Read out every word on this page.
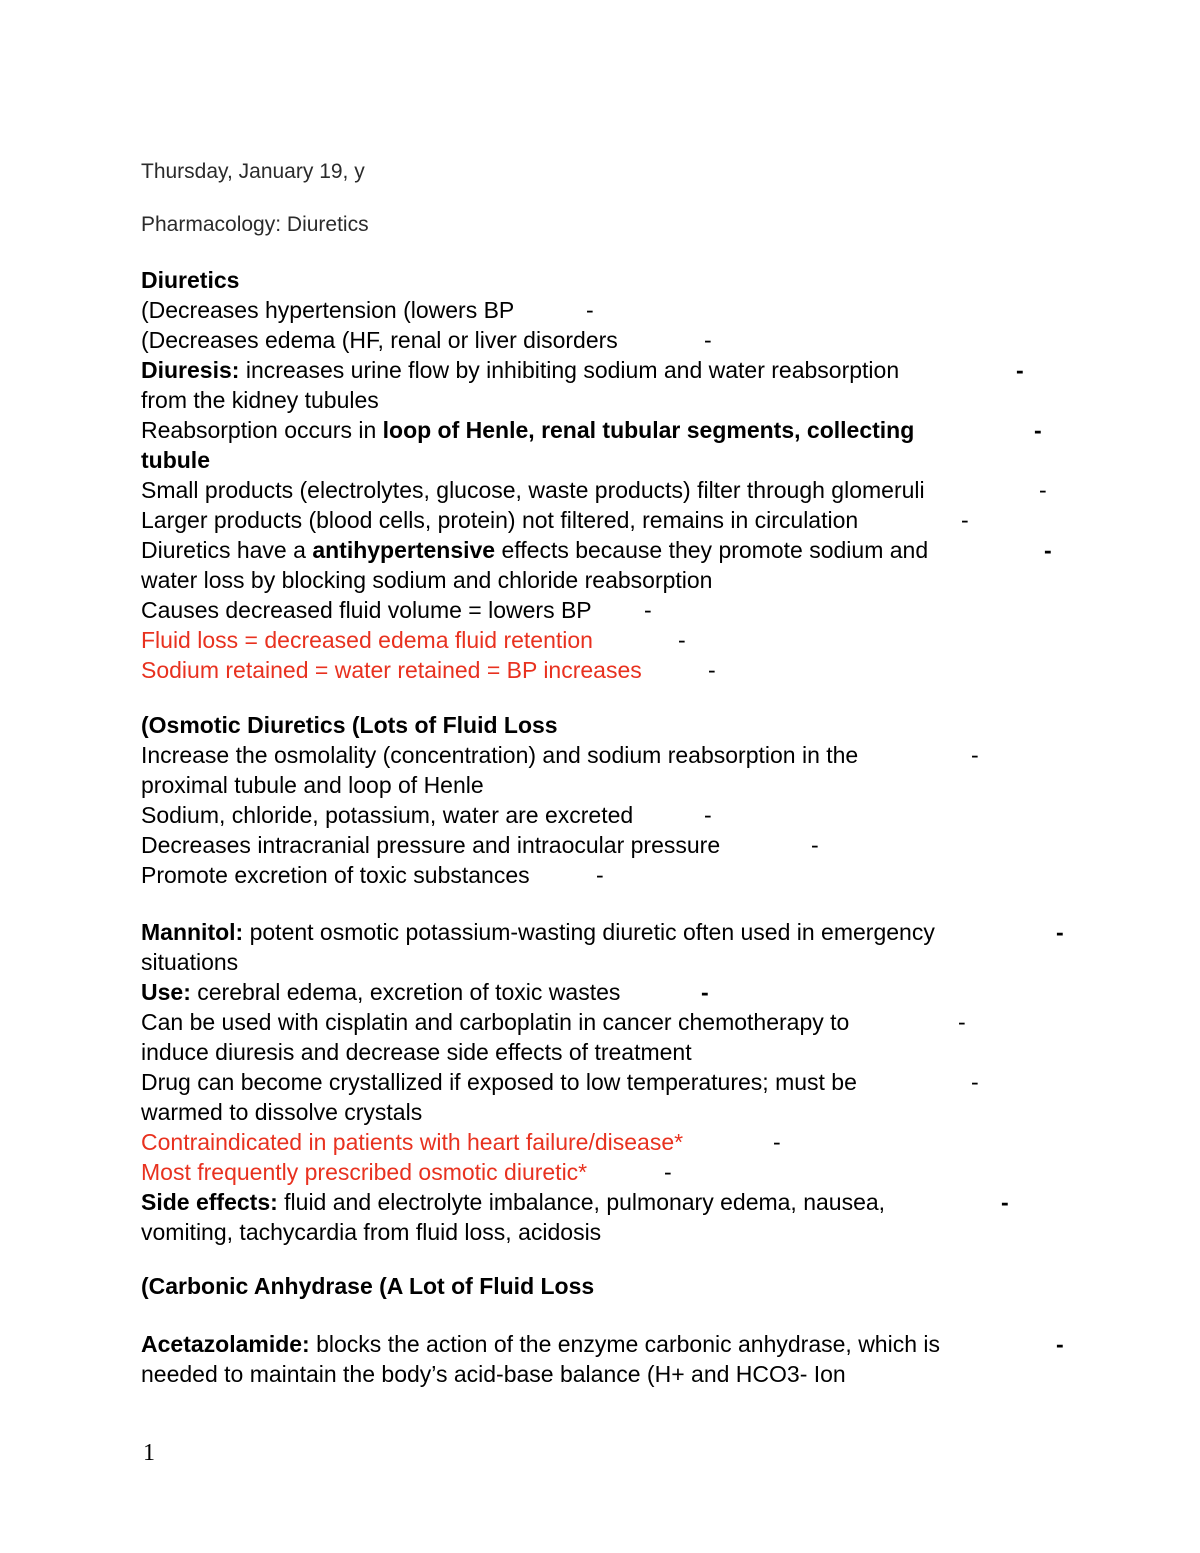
Thursday, January 19, y
Pharmacology: Diuretics
Diuretics
(Decreases hypertension (lowers BP	-
(Decreases edema (HF, renal or liver disorders	-
Diuresis: increases urine flow by inhibiting sodium and water reabsorption	-
from the kidney tubules
Reabsorption occurs in loop of Henle, renal tubular segments, collecting	-
tubule
Small products (electrolytes, glucose, waste products) filter through glomeruli	-
Larger products (blood cells, protein) not filtered, remains in circulation	-
Diuretics have a antihypertensive effects because they promote sodium and	-
water loss by blocking sodium and chloride reabsorption
Causes decreased fluid volume = lowers BP -
Fluid loss = decreased edema fluid retention	-
Sodium retained = water retained = BP increases	-
(Osmotic Diuretics (Lots of Fluid Loss
Increase the osmolality (concentration) and sodium reabsorption in the	-
proximal tubule and loop of Henle
Sodium, chloride, potassium, water are excreted	-
Decreases intracranial pressure and intraocular pressure	-
Promote excretion of toxic substances	-
Mannitol: potent osmotic potassium-wasting diuretic often used in emergency	-
situations
Use: cerebral edema, excretion of toxic wastes	-
Can be used with cisplatin and carboplatin in cancer chemotherapy to	-
induce diuresis and decrease side effects of treatment
Drug can become crystallized if exposed to low temperatures; must be	-
warmed to dissolve crystals
Contraindicated in patients with heart failure/disease*	-
Most frequently prescribed osmotic diuretic*	-
Side effects: fluid and electrolyte imbalance, pulmonary edema, nausea,	-
vomiting, tachycardia from fluid loss, acidosis
(Carbonic Anhydrase (A Lot of Fluid Loss
Acetazolamide: blocks the action of the enzyme carbonic anhydrase, which is	-
needed to maintain the body’s acid-base balance (H+ and HCO3- Ion
1
